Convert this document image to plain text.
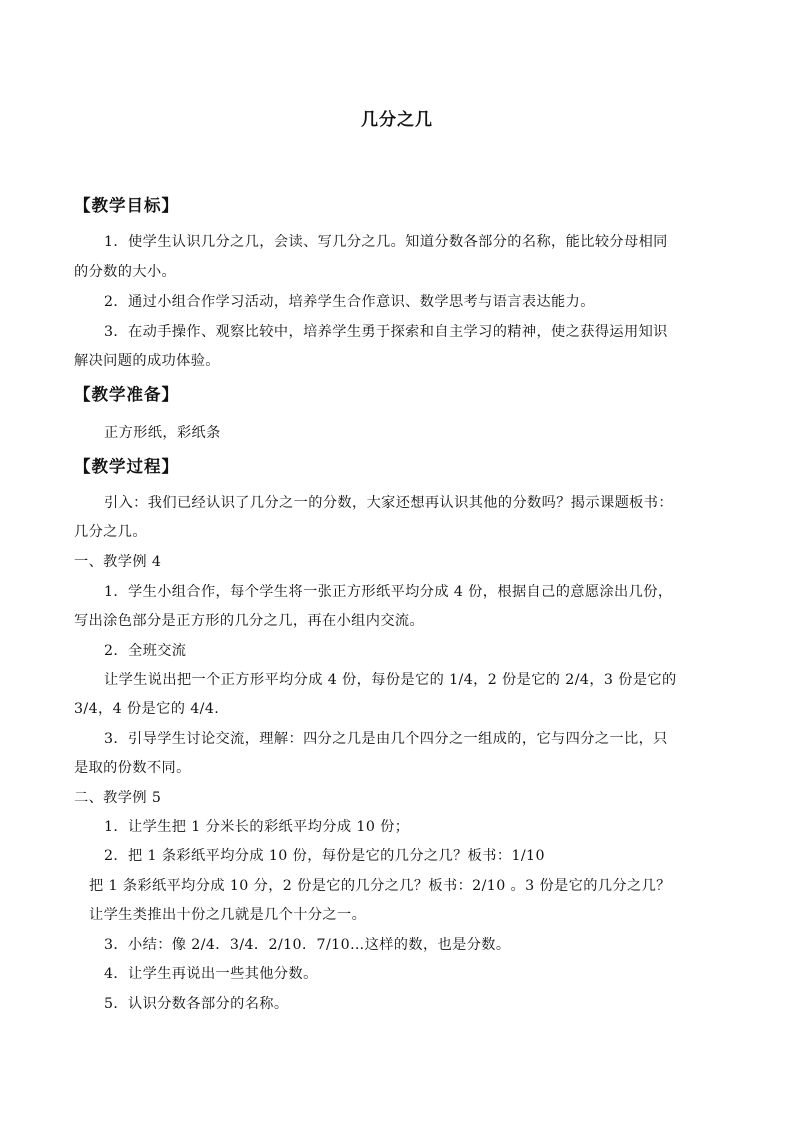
几分之几
【教学目标】
1．使学生认识几分之几，会读、写几分之几。知道分数各部分的名称，能比较分母相同
的分数的大小。
2．通过小组合作学习活动，培养学生合作意识、数学思考与语言表达能力。
3．在动手操作、观察比较中，培养学生勇于探索和自主学习的精神，使之获得运用知识
解决问题的成功体验。
【教学准备】
正方形纸，彩纸条
【教学过程】
引入：我们已经认识了几分之一的分数，大家还想再认识其他的分数吗？揭示课题板书：
几分之几。
一、教学例 4
1．学生小组合作，每个学生将一张正方形纸平均分成 4 份，根据自己的意愿涂出几份，
写出涂色部分是正方形的几分之几，再在小组内交流。
2．全班交流
让学生说出把一个正方形平均分成 4 份，每份是它的 1/4，2 份是它的 2/4，3 份是它的
3/4，4 份是它的 4/4.
3．引导学生讨论交流，理解：四分之几是由几个四分之一组成的，它与四分之一比，只
是取的份数不同。
二、教学例 5
1．让学生把 1 分米长的彩纸平均分成 10 份；
2．把 1 条彩纸平均分成 10 份，每份是它的几分之几？板书：1/10
把 1 条彩纸平均分成 10 分，2 份是它的几分之几？板书：2/10 。3 份是它的几分之几？
让学生类推出十份之几就是几个十分之一。
3．小结：像 2/4．3/4．2/10．7/10…这样的数，也是分数。
4．让学生再说出一些其他分数。
5．认识分数各部分的名称。
